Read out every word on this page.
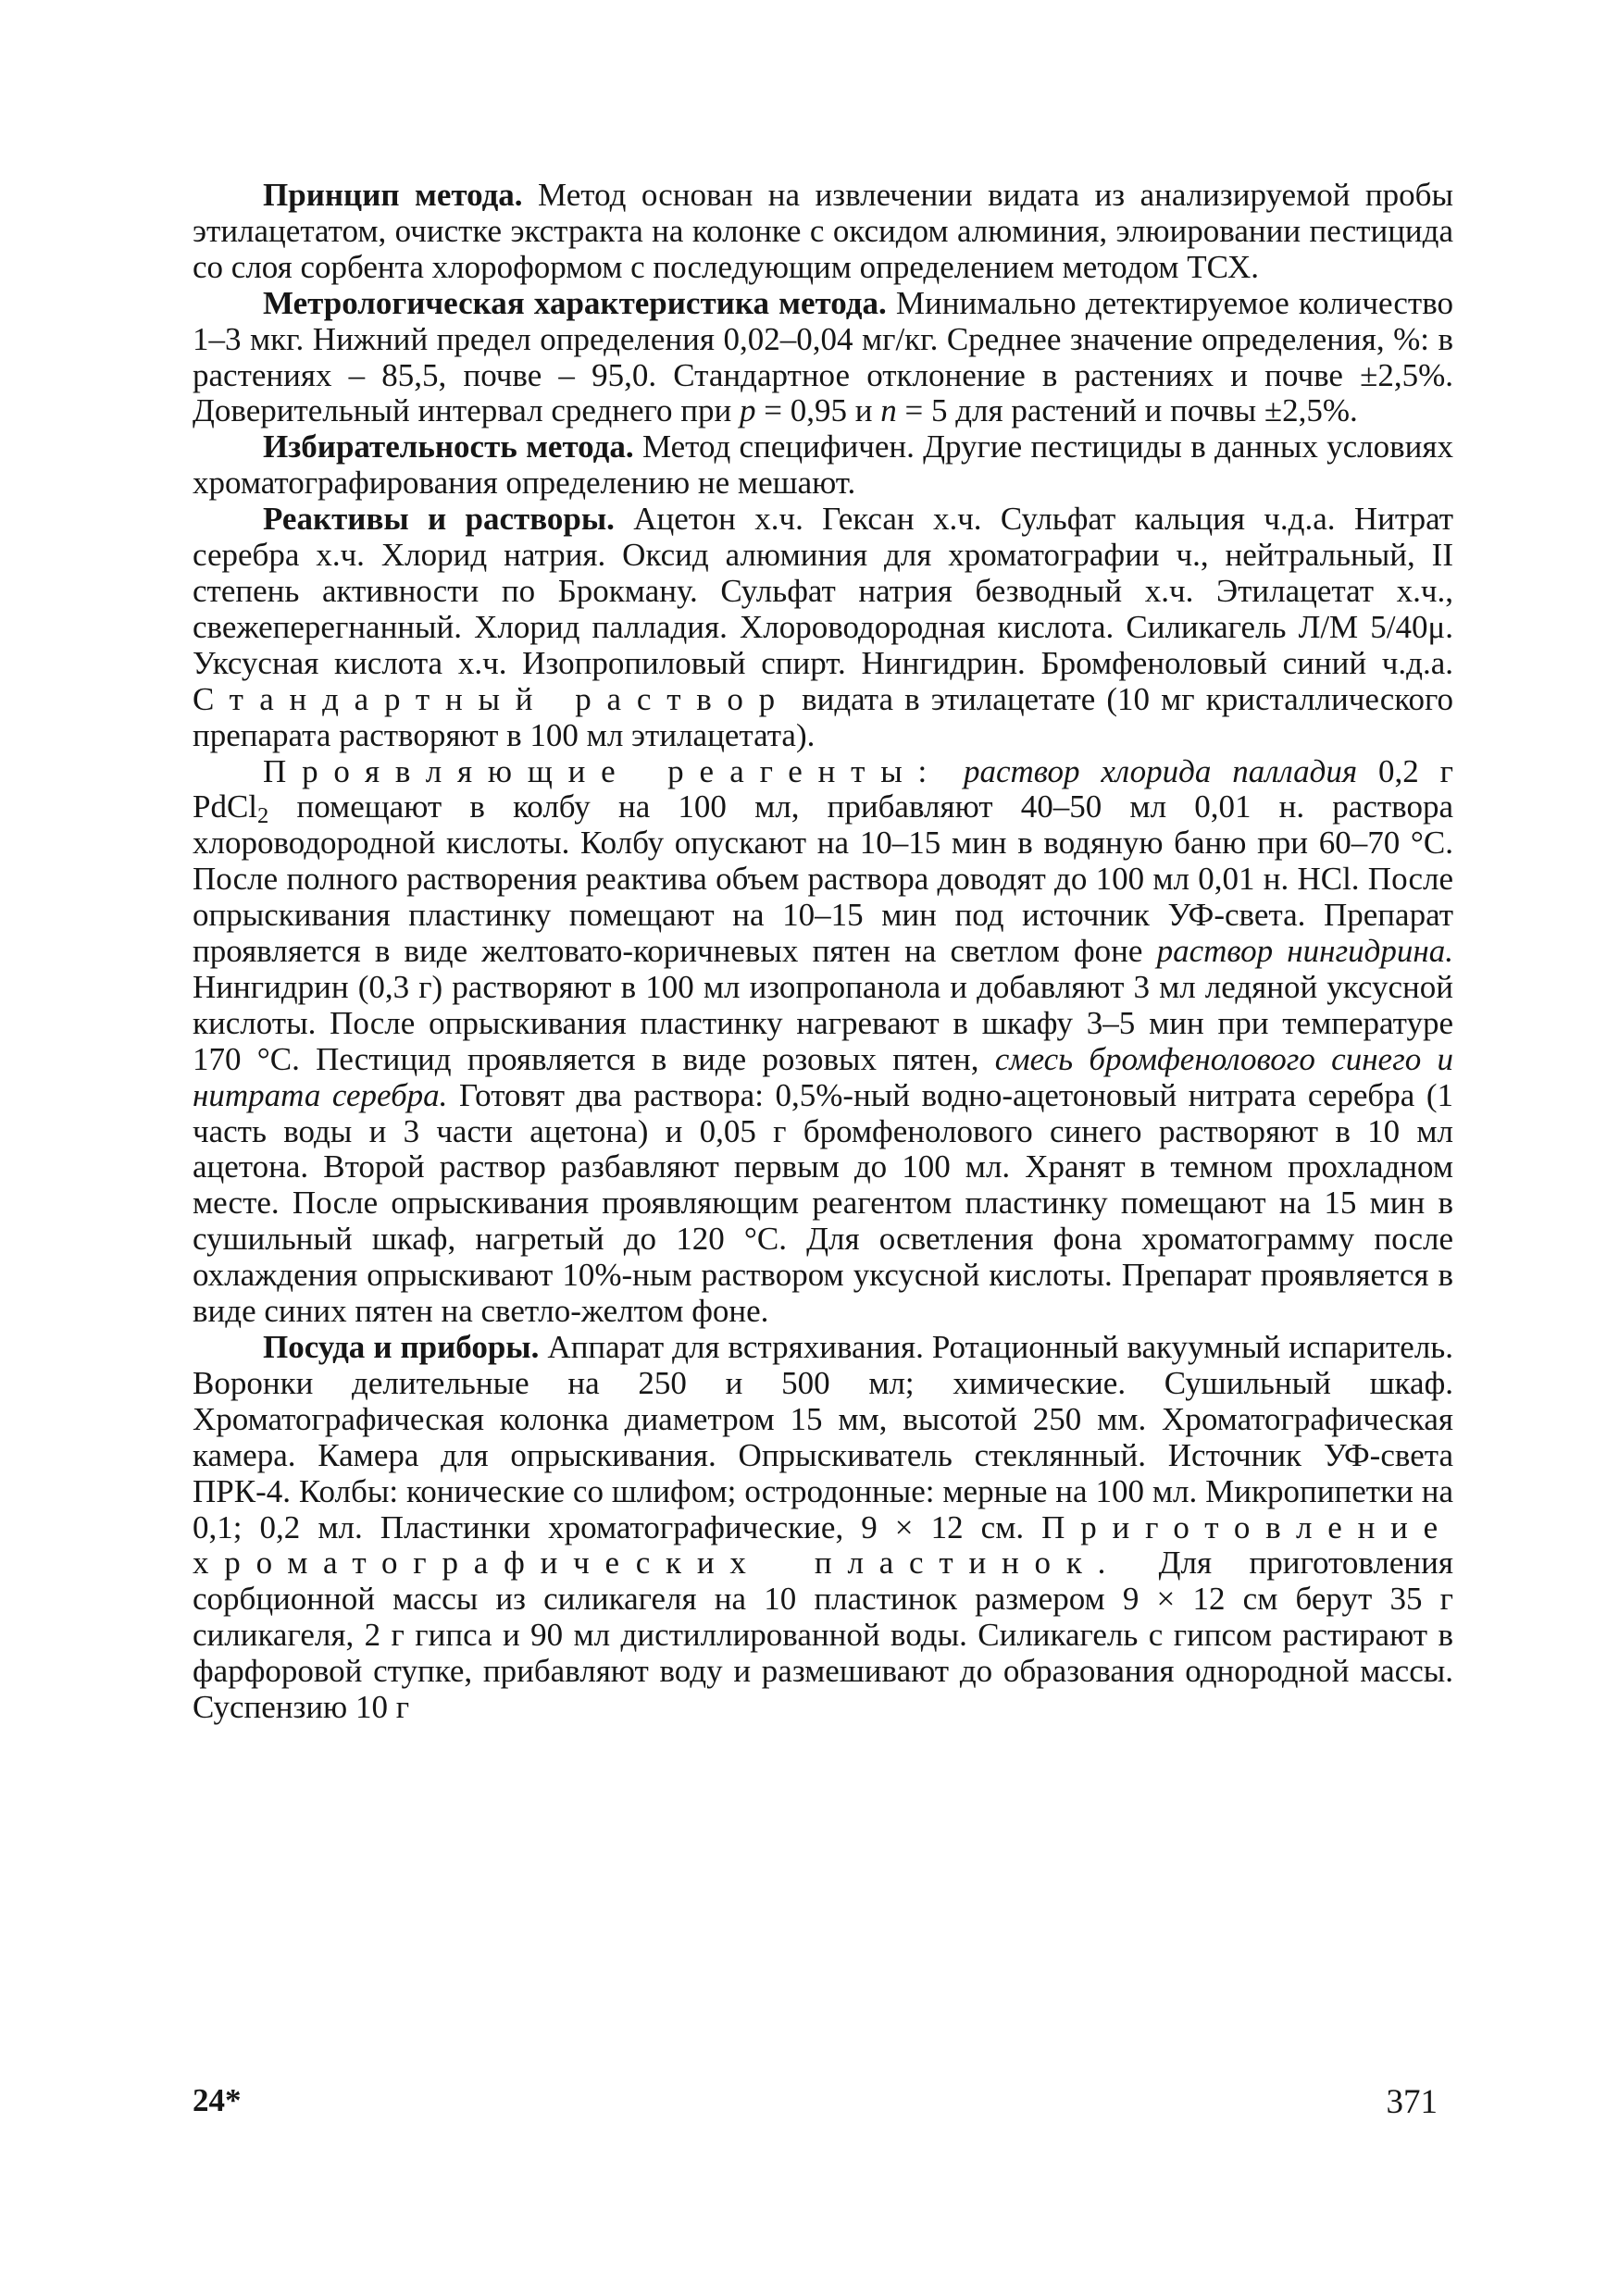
Принцип метода. Метод основан на извлечении видата из анализируемой пробы этилацетатом, очистке экстракта на колонке с оксидом алюминия, элюировании пестицида со слоя сорбента хлороформом с последующим определением методом ТСХ.

Метрологическая характеристика метода. Минимально детектируемое количество 1–3 мкг. Нижний предел определения 0,02–0,04 мг/кг. Среднее значение определения, %: в растениях – 85,5, почве – 95,0. Стандартное отклонение в растениях и почве ±2,5%. Доверительный интервал среднего при p = 0,95 и n = 5 для растений и почвы ±2,5%.

Избирательность метода. Метод специфичен. Другие пестициды в данных условиях хроматографирования определению не мешают.

Реактивы и растворы. Ацетон х.ч. Гексан х.ч. Сульфат кальция ч.д.а. Нитрат серебра х.ч. Хлорид натрия. Оксид алюминия для хроматографии ч., нейтральный, II степень активности по Брокману. Сульфат натрия безводный х.ч. Этилацетат х.ч., свежеперегнанный. Хлорид палладия. Хлороводородная кислота. Силикагель Л/М 5/40μ. Уксусная кислота х.ч. Изопропиловый спирт. Нингидрин. Бромфеноловый синий ч.д.а. Стандартный раствор видата в этилацетате (10 мг кристаллического препарата растворяют в 100 мл этилацетата).

Проявляющие реагенты: раствор хлорида палладия 0,2 г PdCl$_2$ помещают в колбу на 100 мл, прибавляют 40–50 мл 0,01 н. раствора хлороводородной кислоты. Колбу опускают на 10–15 мин в водяную баню при 60–70 °С. После полного растворения реактива объем раствора доводят до 100 мл 0,01 н. HCl. После опрыскивания пластинку помещают на 10–15 мин под источник УФ-света. Препарат проявляется в виде желтовато-коричневых пятен на светлом фоне раствор нингидрина. Нингидрин (0,3 г) растворяют в 100 мл изопропанола и добавляют 3 мл ледяной уксусной кислоты. После опрыскивания пластинку нагревают в шкафу 3–5 мин при температуре 170 °С. Пестицид проявляется в виде розовых пятен, смесь бромфенолового синего и нитрата серебра. Готовят два раствора: 0,5%-ный водно-ацетоновый нитрата серебра (1 часть воды и 3 части ацетона) и 0,05 г бромфенолового синего растворяют в 10 мл ацетона. Второй раствор разбавляют первым до 100 мл. Хранят в темном прохладном месте. После опрыскивания проявляющим реагентом пластинку помещают на 15 мин в сушильный шкаф, нагретый до 120 °С. Для осветления фона хроматограмму после охлаждения опрыскивают 10%-ным раствором уксусной кислоты. Препарат проявляется в виде синих пятен на светло-желтом фоне.

Посуда и приборы. Аппарат для встряхивания. Ротационный вакуумный испаритель. Воронки делительные на 250 и 500 мл; химические. Сушильный шкаф. Хроматографическая колонка диаметром 15 мм, высотой 250 мм. Хроматографическая камера. Камера для опрыскивания. Опрыскиватель стеклянный. Источник УФ-света ПРК-4. Колбы: конические со шлифом; остродонные: мерные на 100 мл. Микропипетки на 0,1; 0,2 мл. Пластинки хроматографические, 9 × 12 см. Приготовление хроматографических пластинок. Для приготовления сорбционной массы из силикагеля на 10 пластинок размером 9 × 12 см берут 35 г силикагеля, 2 г гипса и 90 мл дистиллированной воды. Силикагель с гипсом растирают в фарфоровой ступке, прибавляют воду и размешивают до образования однородной массы. Суспензию 10 г

24*	371
